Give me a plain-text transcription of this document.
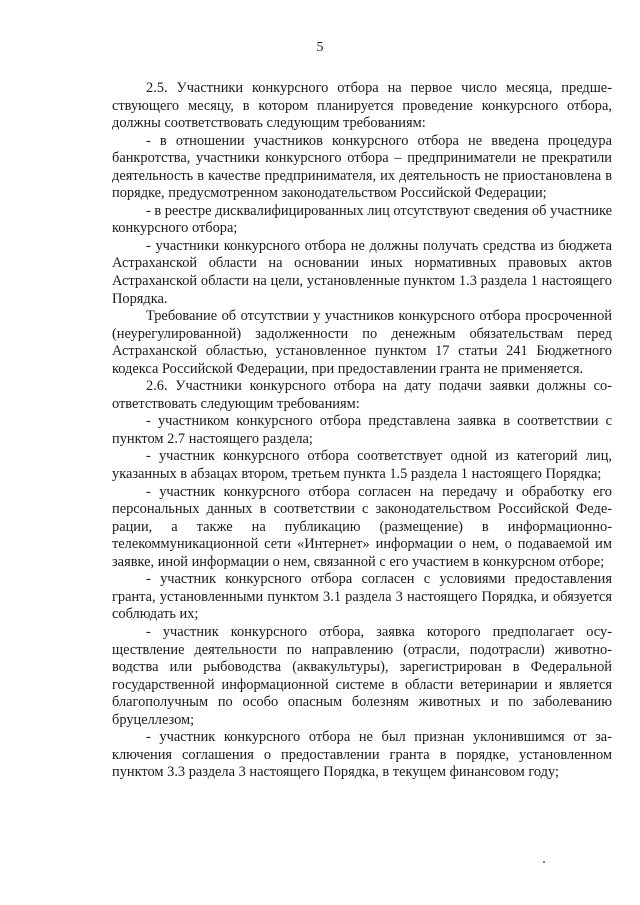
5

2.5. Участники конкурсного отбора на первое число месяца, предшествующего месяцу, в котором планируется проведение конкурсного отбора, должны соответствовать следующим требованиям:

- в отношении участников конкурсного отбора не введена процедура банкротства, участники конкурсного отбора – предприниматели не прекратили деятельность в качестве предпринимателя, их деятельность не приостановлена в порядке, предусмотренном законодательством Российской Федерации;

- в реестре дисквалифицированных лиц отсутствуют сведения об участнике конкурсного отбора;

- участники конкурсного отбора не должны получать средства из бюджета Астраханской области на основании иных нормативных правовых актов Астраханской области на цели, установленные пунктом 1.3 раздела 1 настоящего Порядка.

Требование об отсутствии у участников конкурсного отбора просроченной (неурегулированной) задолженности по денежным обязательствам перед Астраханской областью, установленное пунктом 17 статьи 241 Бюджетного кодекса Российской Федерации, при предоставлении гранта не применяется.

2.6. Участники конкурсного отбора на дату подачи заявки должны соответствовать следующим требованиям:

- участником конкурсного отбора представлена заявка в соответствии с пунктом 2.7 настоящего раздела;

- участник конкурсного отбора соответствует одной из категорий лиц, указанных в абзацах втором, третьем пункта 1.5 раздела 1 настоящего Порядка;

- участник конкурсного отбора согласен на передачу и обработку его персональных данных в соответствии с законодательством Российской Федерации, а также на публикацию (размещение) в информационно-телекоммуникационной сети «Интернет» информации о нем, о подаваемой им заявке, иной информации о нем, связанной с его участием в конкурсном отборе;

- участник конкурсного отбора согласен с условиями предоставления гранта, установленными пунктом 3.1 раздела 3 настоящего Порядка, и обязуется соблюдать их;

- участник конкурсного отбора, заявка которого предполагает осуществление деятельности по направлению (отрасли, подотрасли) животноводства или рыбоводства (аквакультуры), зарегистрирован в Федеральной государственной информационной системе в области ветеринарии и является благополучным по особо опасным болезням животных и по заболеванию бруцеллезом;

- участник конкурсного отбора не был признан уклонившимся от заключения соглашения о предоставлении гранта в порядке, установленном пунктом 3.3 раздела 3 настоящего Порядка, в текущем финансовом году;
